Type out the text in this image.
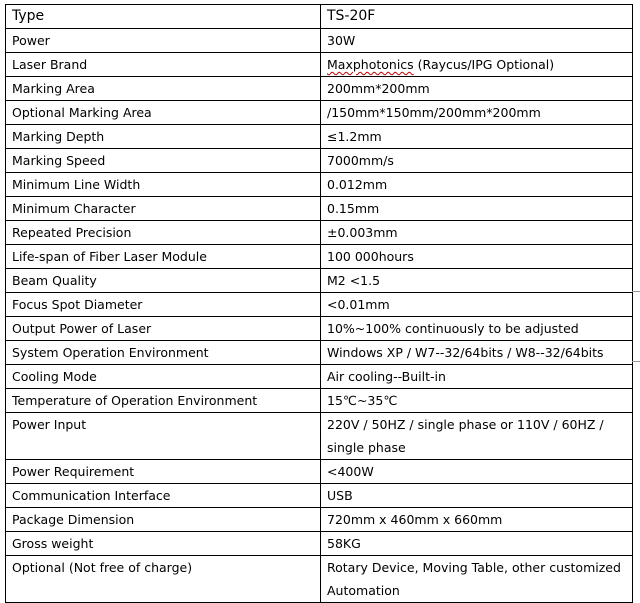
Type	TS-20F
Power	30W
Laser Brand	Maxphotonics (Raycus/IPG Optional)
Marking Area	200mm*200mm
Optional Marking Area	/150mm*150mm/200mm*200mm
Marking Depth	≤1.2mm
Marking Speed	7000mm/s
Minimum Line Width	0.012mm
Minimum Character	0.15mm
Repeated Precision	±0.003mm
Life-span of Fiber Laser Module	100 000hours
Beam Quality	M2 <1.5
Focus Spot Diameter	<0.01mm
Output Power of Laser	10%~100% continuously to be adjusted
System Operation Environment	Windows XP / W7--32/64bits / W8--32/64bits
Cooling Mode	Air cooling--Built-in
Temperature of Operation Environment	15℃~35℃
Power Input	220V / 50HZ / single phase or 110V / 60HZ /
single phase

Power Requirement	<400W
Communication Interface	USB
Package Dimension	720mm x 460mm x 660mm
Gross weight	58KG
Optional (Not free of charge)	Rotary Device, Moving Table, other customized
Automation
